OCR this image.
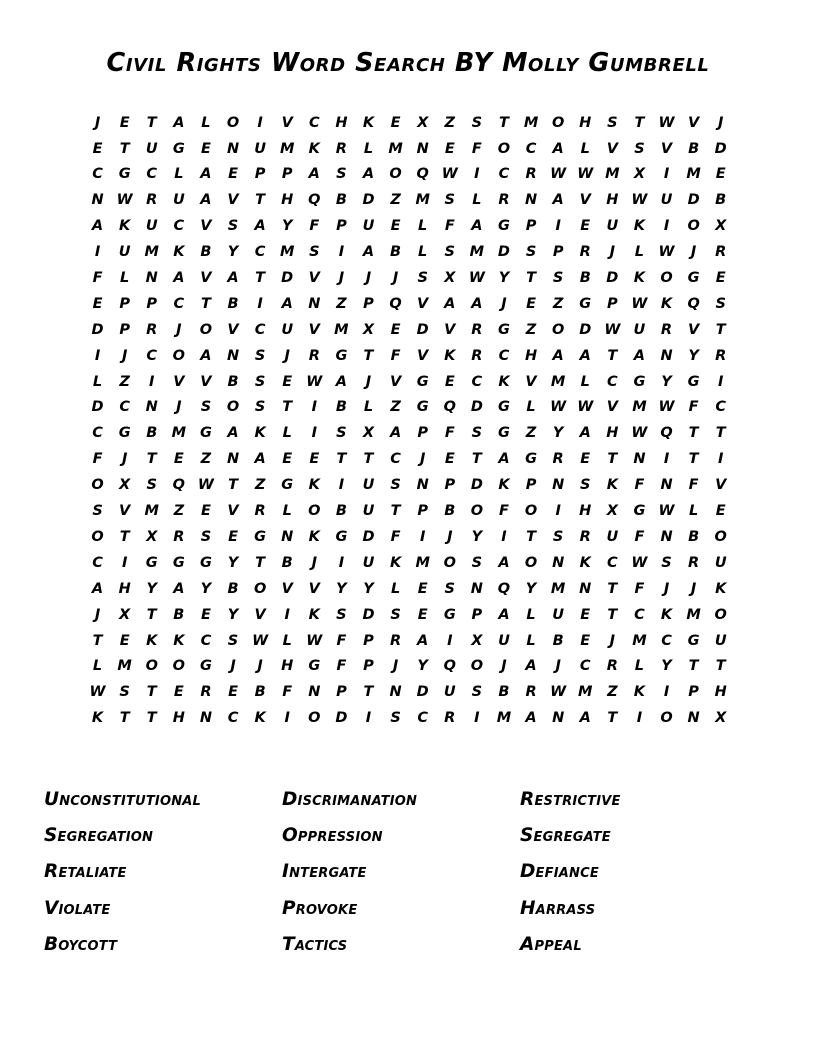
Civil Rights Word Search BY Molly Gumbrell
J E T A L O I V C H K E X Z S T M O H S T W V J
E T U G E N U M K R L M N E F O C A L V S V B D
C G C L A E P P A S A O Q W I C R W W M X I M E
N W R U A V T H Q B D Z M S L R N A V H W U D B
A K U C V S A Y F P U E L F A G P I E U K I O X
I U M K B Y C M S I A B L S M D S P R J L W J R
F L N A V A T D V J J J S X W Y T S B D K O G E
E P P C T B I A N Z P Q V A A J E Z G P W K Q S
D P R J O V C U V M X E D V R G Z O D W U R V T
I J C O A N S J R G T F V K R C H A A T A N Y R
L Z I V V B S E W A J V G E C K V M L C G Y G I
D C N J S O S T I B L Z G Q D G L W W V M W F C
C G B M G A K L I S X A P F S G Z Y A H W Q T T
F J T E Z N A E E T T C J E T A G R E T N I T I
O X S Q W T Z G K I U S N P D K P N S K F N F V
S V M Z E V R L O B U T P B O F O I H X G W L E
O T X R S E G N K G D F I J Y I T S R U F N B O
C I G G G Y T B J I U K M O S A O N K C W S R U
A H Y A Y B O V V Y Y L E S N Q Y M N T F J J K
J X T B E Y V I K S D S E G P A L U E T C K M O
T E K K C S W L W F P R A I X U L B E J M C G U
L M O O G J J H G F P J Y Q O J A J C R L Y T T
W S T E R E B F N P T N D U S B R W M Z K I P H
K T T H N C K I O D I S C R I M A N A T I O N X
Unconstitutional
Segregation
Retaliate
Violate
Boycott
Discrimanation
Oppression
Intergate
Provoke
Tactics
Restrictive
Segregate
Defiance
Harrass
Appeal
